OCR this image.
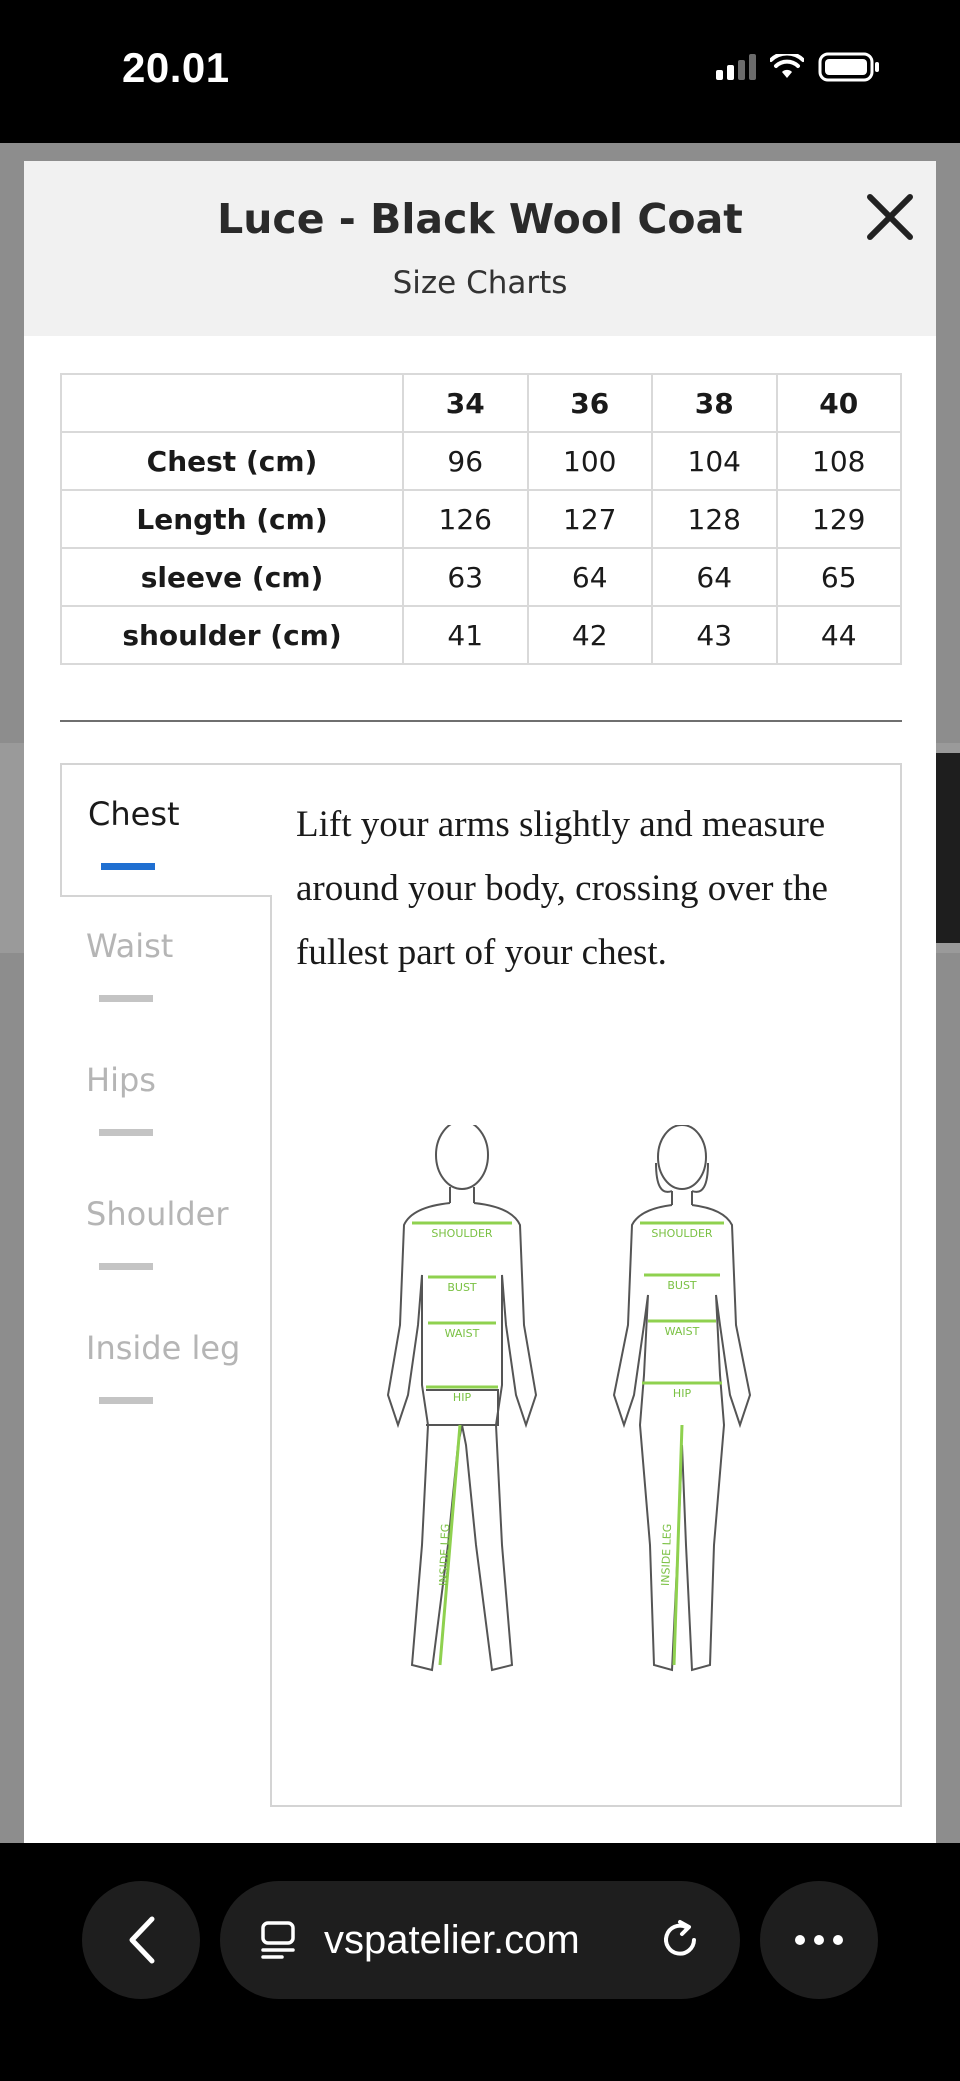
20.01
Luce - Black Wool Coat
Size Charts
	34	36	38	40
Chest (cm)	96	100	104	108
Length (cm)	126	127	128	129
sleeve (cm)	63	64	64	65
shoulder (cm)	41	42	43	44
Chest
Waist
Hips
Shoulder
Inside leg
Lift your arms slightly and measure around your body, crossing over the fullest part of your chest.
SHOULDER
BUST
WAIST
HIP
SHOULDER
BUST
WAIST
HIP
INSIDE LEG	INSIDE LEG
vspatelier.com
